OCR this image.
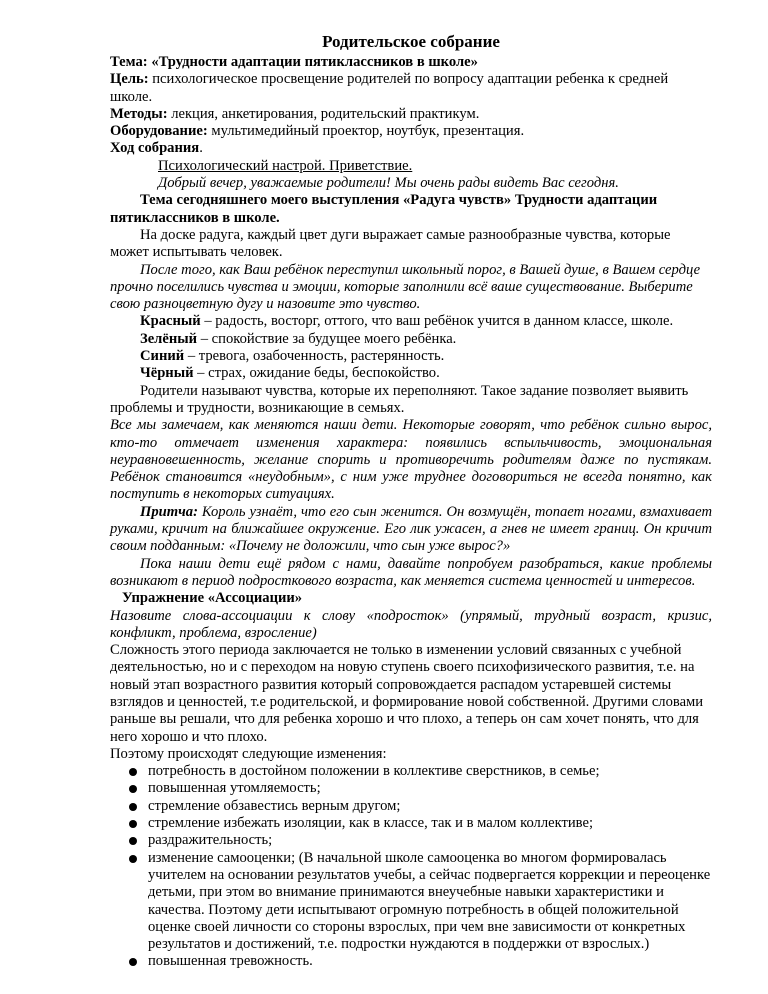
Родительское собрание

Тема: «Трудности адаптации пятиклассников в школе»

Цель: психологическое просвещение родителей по вопросу адаптации ребенка к средней школе.

Методы: лекция, анкетирования, родительский практикум.

Оборудование: мультимедийный проектор, ноутбук, презентация.

Ход собрания.

Психологический настрой. Приветствие.

Добрый вечер, уважаемые родители! Мы очень рады видеть Вас сегодня.

Тема сегодняшнего моего выступления «Радуга чувств» Трудности адаптации пятиклассников в школе.

На доске радуга, каждый цвет дуги выражает самые разнообразные чувства, которые может испытывать человек.

После того, как Ваш ребёнок переступил школьный порог, в Вашей душе, в Вашем сердце прочно поселились чувства и эмоции, которые заполнили всё ваше существование. Выберите свою разноцветную дугу и назовите это чувство.

Красный – радость, восторг, оттого, что ваш ребёнок учится в данном классе, школе.

Зелёный – спокойствие за будущее моего ребёнка.

Синий – тревога, озабоченность, растерянность.

Чёрный – страх, ожидание беды, беспокойство.

Родители называют чувства, которые их переполняют. Такое задание позволяет выявить проблемы и трудности, возникающие в семьях.

Все мы замечаем, как меняются наши дети. Некоторые говорят, что ребёнок сильно вырос, кто-то отмечает изменения характера: появились вспыльчивость, эмоциональная неуравновешенность, желание спорить и противоречить родителям даже по пустякам. Ребёнок становится «неудобным», с ним уже труднее договориться не всегда понятно, как поступить в некоторых ситуациях.

Притча: Король узнаёт, что его сын женится. Он возмущён, топает ногами, взмахивает руками, кричит на ближайшее окружение. Его лик ужасен, а гнев не имеет границ. Он кричит своим подданным: «Почему не доложили, что сын уже вырос?»

Пока наши дети ещё рядом с нами, давайте попробуем разобраться, какие проблемы возникают в период подросткового возраста, как меняется система ценностей и интересов.

Упражнение «Ассоциации»

Назовите слова-ассоциации к слову «подросток» (упрямый, трудный возраст, кризис, конфликт, проблема, взросление)

Сложность этого периода заключается не только в изменении условий связанных с учебной деятельностью, но и с переходом на новую ступень своего психофизического развития, т.е. на новый этап возрастного развития который сопровождается распадом устаревшей системы взглядов и ценностей, т.е родительской, и формирование новой собственной. Другими словами раньше вы решали, что для ребенка хорошо и что плохо, а теперь он сам хочет понять, что для него хорошо и что плохо.

Поэтому происходят следующие изменения:

потребность в достойном положении в коллективе сверстников, в семье;
повышенная утомляемость;
стремление обзавестись верным другом;
стремление избежать изоляции, как в классе, так и в малом коллективе;
раздражительность;
изменение самооценки; (В начальной школе самооценка во многом формировалась учителем на основании результатов учебы, а сейчас подвергается коррекции и переоценке детьми, при этом во внимание принимаются внеучебные навыки характеристики и качества. Поэтому дети испытывают огромную потребность в общей положительной оценке своей личности со стороны взрослых, при чем вне зависимости от конкретных результатов и достижений, т.е. подростки нуждаются в поддержки от взрослых.)
повышенная тревожность.
